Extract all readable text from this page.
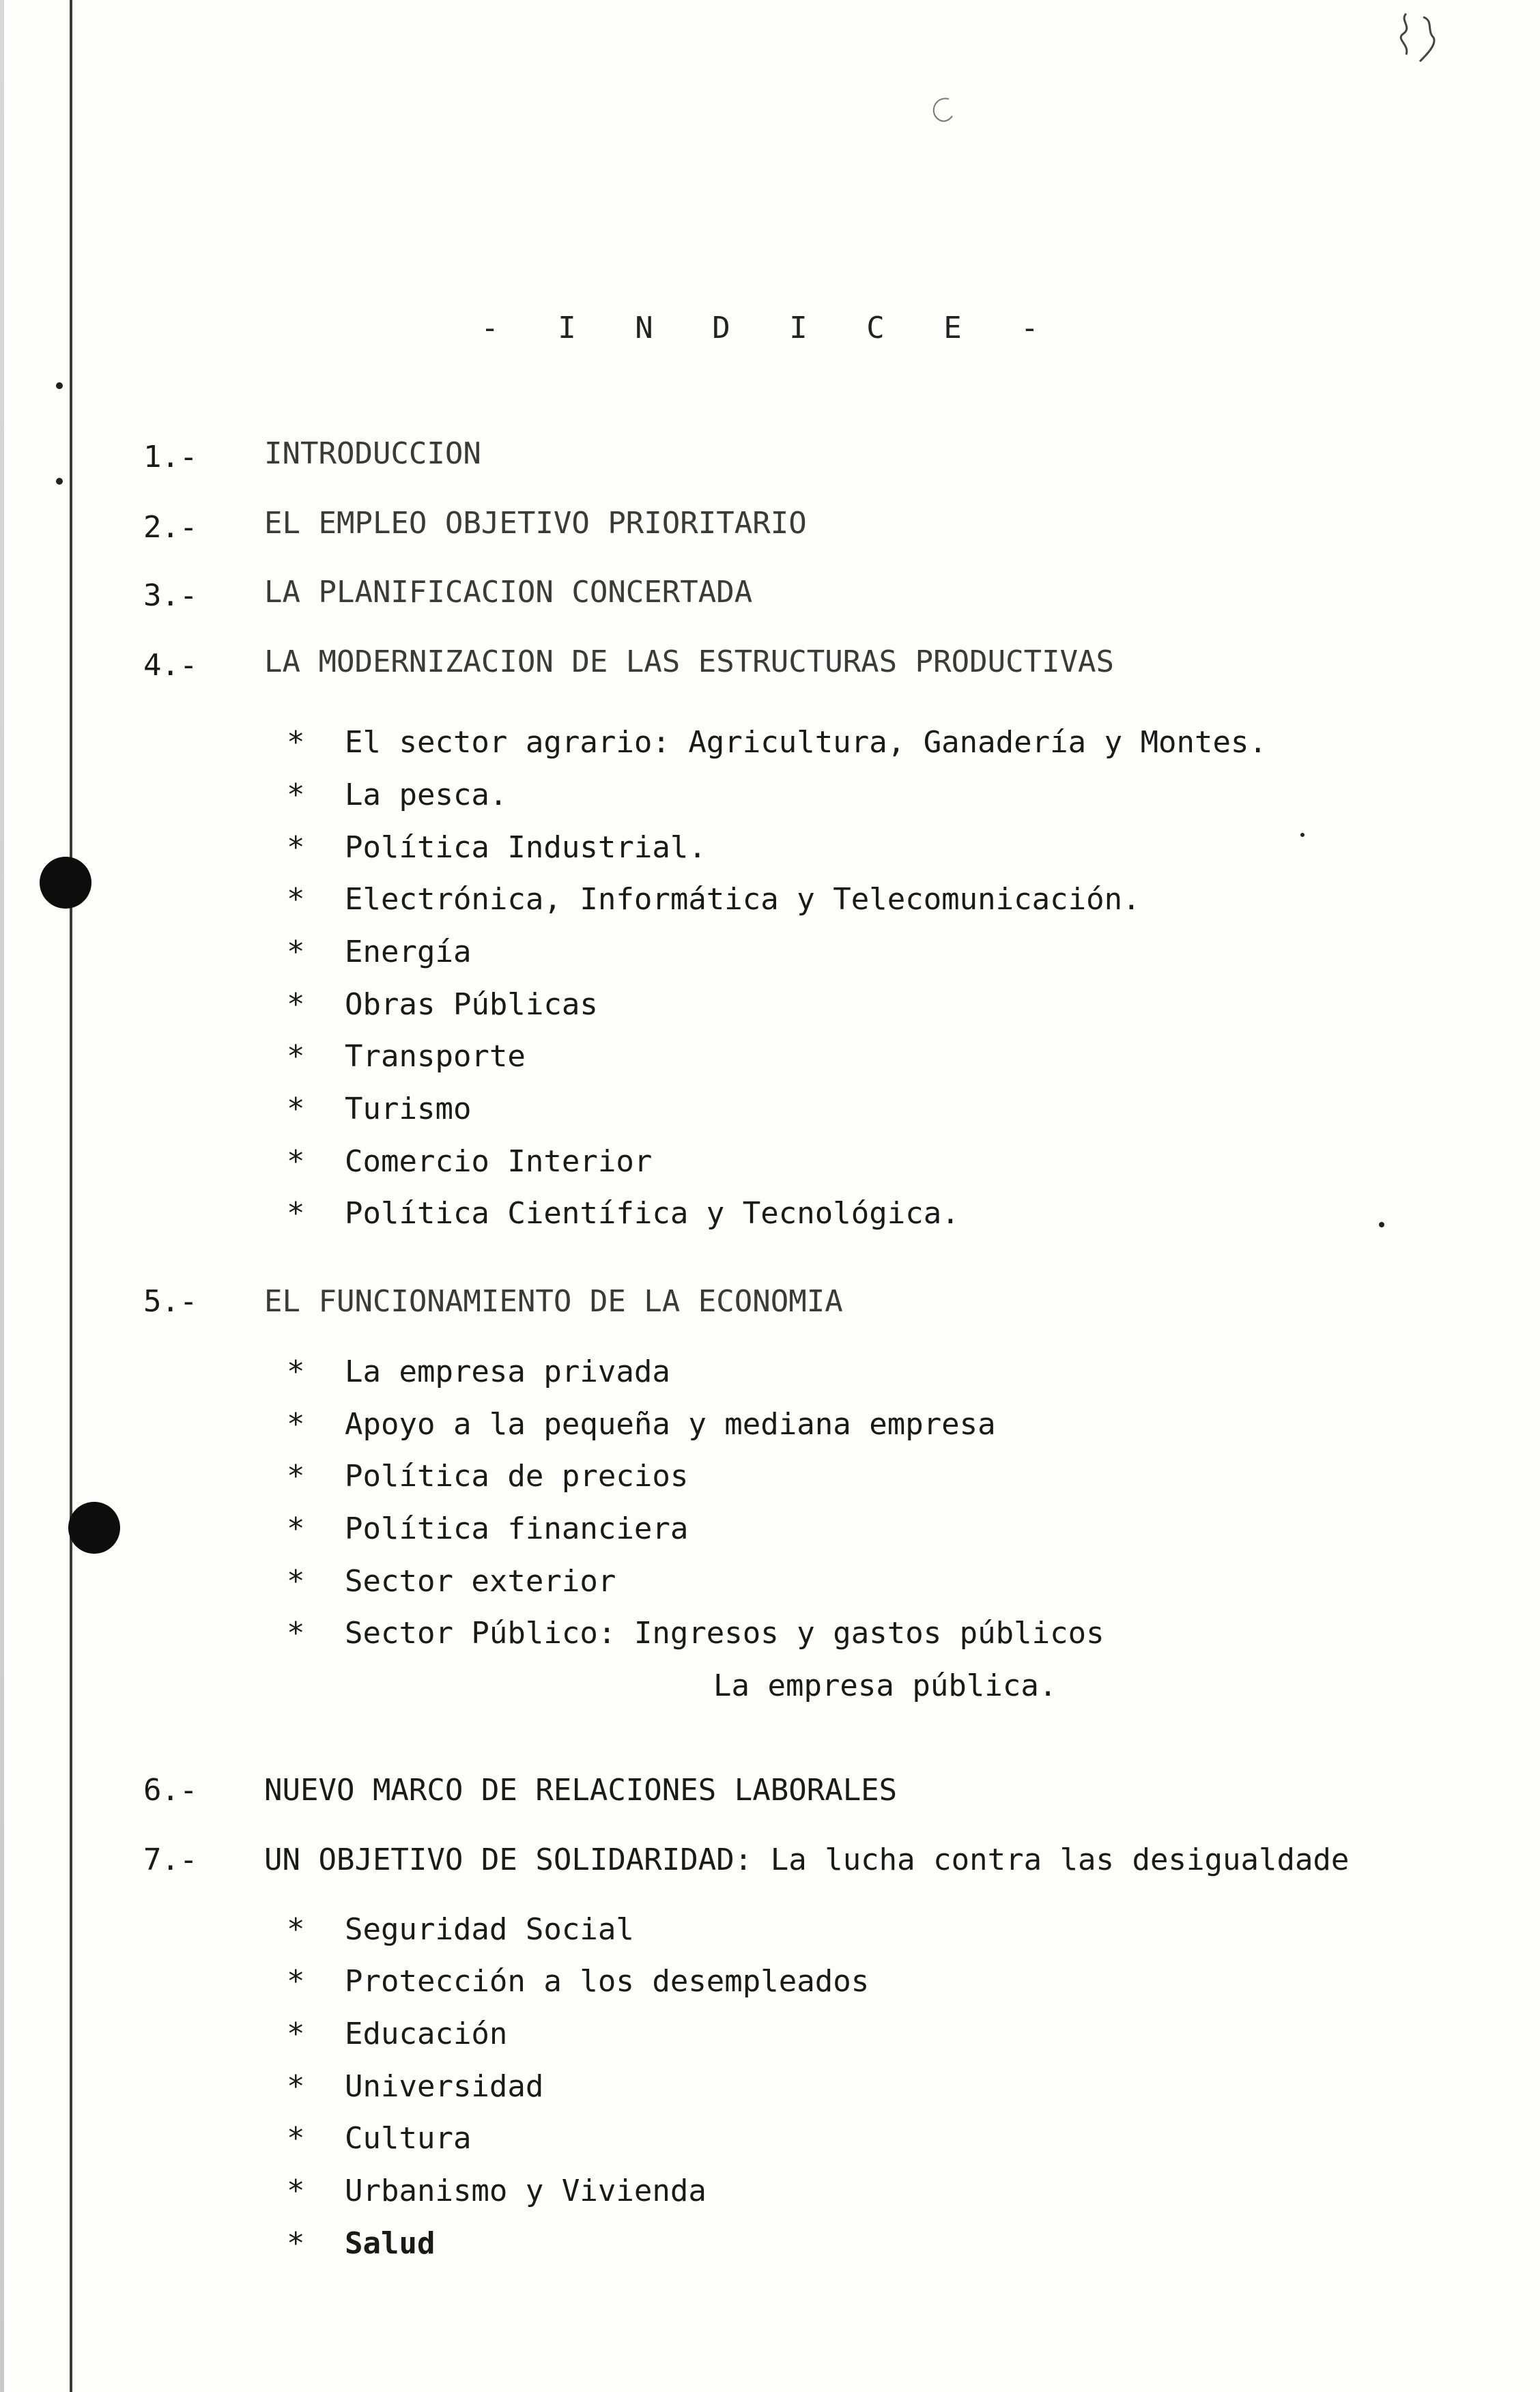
- I N D I C E -
1.- INTRODUCCION
2.- EL EMPLEO OBJETIVO PRIORITARIO
3.- LA PLANIFICACION CONCERTADA
4.- LA MODERNIZACION DE LAS ESTRUCTURAS PRODUCTIVAS
* El sector agrario: Agricultura, Ganadería y Montes.
* La pesca.
* Política Industrial.
* Electrónica, Informática y Telecomunicación.
* Energía
* Obras Públicas
* Transporte
* Turismo
* Comercio Interior
* Política Científica y Tecnológica.
5.- EL FUNCIONAMIENTO DE LA ECONOMIA
* La empresa privada
* Apoyo a la pequeña y mediana empresa
* Política de precios
* Política financiera
* Sector exterior
* Sector Público: Ingresos y gastos públicos
La empresa pública.
6.- NUEVO MARCO DE RELACIONES LABORALES
7.- UN OBJETIVO DE SOLIDARIDAD: La lucha contra las desigualdade
* Seguridad Social
* Protección a los desempleados
* Educación
* Universidad
* Cultura
* Urbanismo y Vivienda
* Salud
